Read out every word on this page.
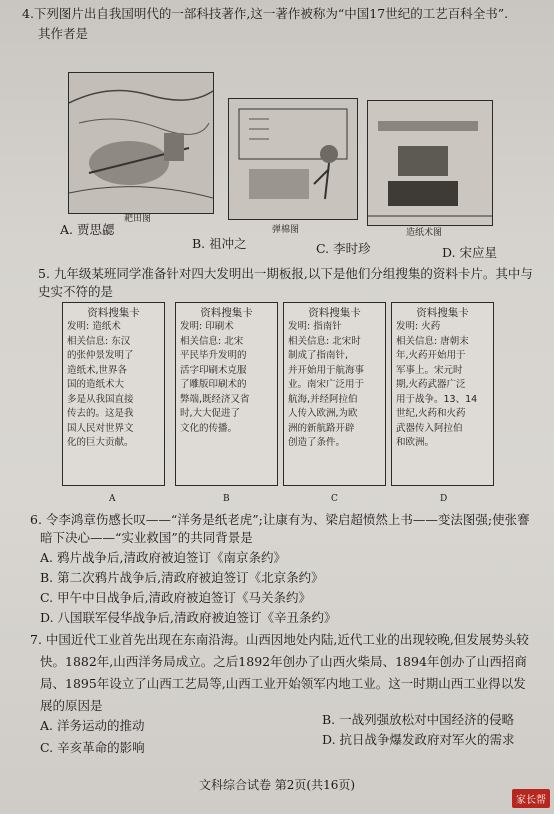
4.下列图片出自我国明代的一部科技著作,这一著作被称为“中国17世纪的工艺百科全书”.
其作者是
耙田图
弹棉图	造纸术图
A. 贾思勰
B. 祖冲之	C. 李时珍	D. 宋应星
5. 九年级某班同学准备针对四大发明出一期板报,以下是他们分组搜集的资料卡片。其中与
史实不符的是
资料搜集卡
发明: 造纸术
相关信息: 东汉
的张仲景发明了
造纸术,世界各
国的造纸术大
多是从我国直接
传去的。这是我
国人民对世界文
化的巨大贡献。
A
资料搜集卡
发明: 印刷术
相关信息: 北宋
平民毕升发明的
活字印刷术克服
了雕版印刷术的
弊端,既经济又省
时,大大促进了
文化的传播。
B
资料搜集卡
发明: 指南针
相关信息: 北宋时
制成了指南针,
并开始用于航海事
业。南宋广泛用于
航海,并经阿拉伯
人传入欧洲,为欧
洲的新航路开辟
创造了条件。
C
资料搜集卡
发明: 火药
相关信息: 唐朝末
年,火药开始用于
军事上。宋元时
期,火药武器广泛
用于战争。13、14
世纪,火药和火药
武器传入阿拉伯
和欧洲。
D
6. 令李鸿章伤感长叹——“洋务是纸老虎”;让康有为、梁启超愤然上书——变法图强;使张謇
暗下决心——“实业救国”的共同背景是
A. 鸦片战争后,清政府被迫签订《南京条约》
B. 第二次鸦片战争后,清政府被迫签订《北京条约》
C. 甲午中日战争后,清政府被迫签订《马关条约》
D. 八国联军侵华战争后,清政府被迫签订《辛丑条约》
7. 中国近代工业首先出现在东南沿海。山西因地处内陆,近代工业的出现较晚,但发展势头较
快。1882年,山西洋务局成立。之后1892年创办了山西火柴局、1894年创办了山西招商
局、1895年设立了山西工艺局等,山西工业开始领军内地工业。这一时期山西工业得以发
展的原因是
A. 洋务运动的推动	B. 一战列强放松对中国经济的侵略
C. 辛亥革命的影响
D. 抗日战争爆发政府对军火的需求
文科综合试卷 第2页(共16页)
家长帮
